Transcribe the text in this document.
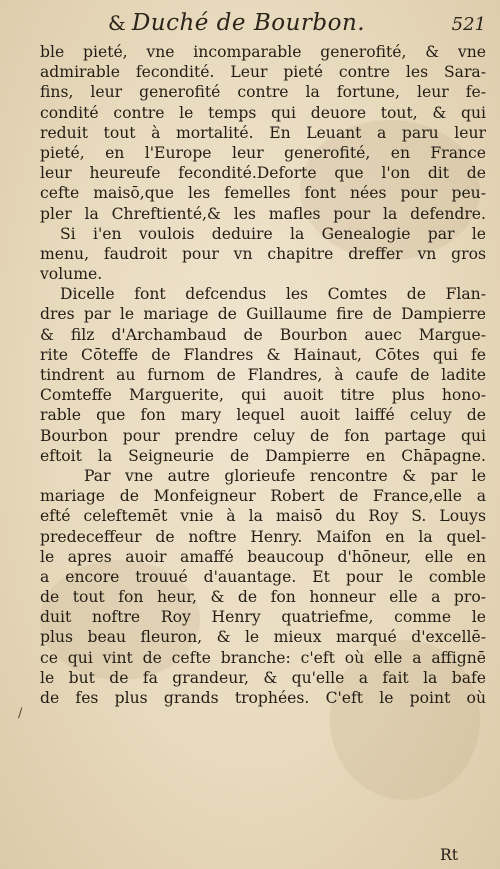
& Duché de Bourbon.	521
ble pieté, vne incomparable generofité, & vne
admirable fecondité. Leur pieté contre les Sara-
fins, leur generofité contre la fortune, leur fe-
condité contre le temps qui deuore tout, & qui
reduit tout à mortalité. En Leuant a paru leur
pieté, en l'Europe leur generofité, en France
leur heureufe fecondité.Deforte que l'on dit de
cefte maisō,que les femelles font nées pour peu-
pler la Chreftienté,& les mafles pour la defendre.
Si i'en voulois deduire la Genealogie par le
menu, faudroit pour vn chapitre dreffer vn gros
volume.
Dicelle font defcendus les Comtes de Flan-
dres par le mariage de Guillaume fire de Dampierre
& filz d'Archambaud de Bourbon auec Margue-
rite Cōteffe de Flandres & Hainaut, Cōtes qui fe
tindrent au furnom de Flandres, à caufe de ladite
Comteffe Marguerite, qui auoit titre plus hono-
rable que fon mary lequel auoit laiffé celuy de
Bourbon pour prendre celuy de fon partage qui
eftoit la Seigneurie de Dampierre en Chāpagne.
Par vne autre glorieufe rencontre & par le
mariage de Monfeigneur Robert de France,elle a
efté celeftemēt vnie à la maisō du Roy S. Louys
predeceffeur de noftre Henry. Maifon en la quel-
le apres auoir amaffé beaucoup d'hōneur, elle en
a encore trouué d'auantage. Et pour le comble
de tout fon heur, & de fon honneur elle a pro-
duit noftre Roy Henry quatriefme, comme le
plus beau fleuron, & le mieux marqué d'excellē-
ce qui vint de cefte branche: c'eft où elle a affignē
le but de fa grandeur, & qu'elle a fait la bafe
de fes plus grands trophées. C'eft le point où
/
Rt
